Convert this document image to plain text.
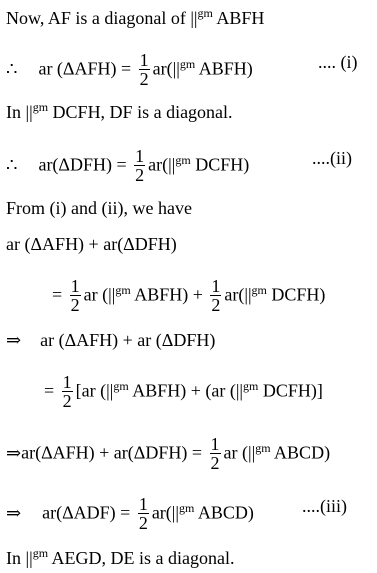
Now, AF is a diagonal of $||^{gm}$ ABFH
∴ ar $(\Delta AFH) = \frac{1}{2} ar(||^{gm}$ ABFH)	.... (i)
In $||^{gm}$ DCFH, DF is a diagonal.
∴ $ar(\Delta DFH) = \frac{1}{2} ar(||^{gm}$ DCFH)	....(ii)
From (i) and (ii), we have
ar (ΔAFH) + ar(ΔDFH)
= $\frac{1}{2}$ ar ($||^{gm}$ ABFH) + $\frac{1}{2} ar(||^{gm}$ DCFH)
⇒ ar (ΔAFH) + ar (ΔDFH)
= $\frac{1}{2} [ar$ ($||^{gm}$ ABFH) + (ar ($||^{gm}$ DCFH)]
⇒ar(ΔAFH) + $ar(\Delta DFH) = \frac{1}{2}$ ar ($||^{gm}$ ABCD)
⇒ $ar(\Delta ADF) = \frac{1}{2} ar(||^{gm}$ ABCD)	....(iii)
In $||^{gm}$ AEGD, DE is a diagonal.
